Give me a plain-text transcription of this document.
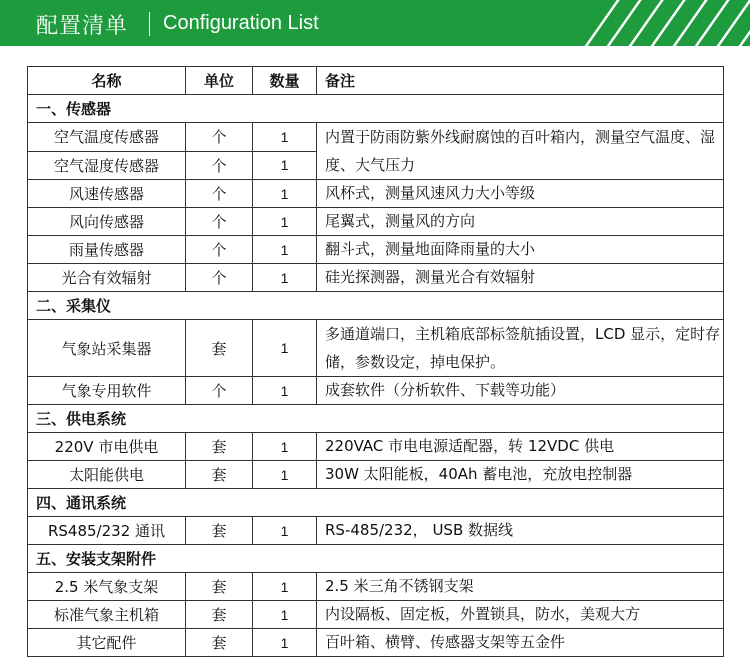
配置清单 Configuration List
名称	单位	数量	备注
一、传感器			
空气温度传感器	个	1	内置于防雨防紫外线耐腐蚀的百叶箱内，测量空气温度、湿度、大气压力
空气湿度传感器	个	1	
风速传感器	个	1	风杯式，测量风速风力大小等级
风向传感器	个	1	尾翼式，测量风的方向
雨量传感器	个	1	翻斗式，测量地面降雨量的大小
光合有效辐射	个	1	硅光探测器，测量光合有效辐射
二、采集仪			
气象站采集器	套	1	多通道端口，主机箱底部标签航插设置，LCD 显示，定时存储，参数设定，掉电保护。
气象专用软件	个	1	成套软件（分析软件、下载等功能）
三、供电系统			
220V 市电供电	套	1	220VAC 市电电源适配器，转 12VDC 供电
太阳能供电	套	1	30W 太阳能板，40Ah 蓄电池，充放电控制器
四、通讯系统			
RS485/232 通讯	套	1	RS-485/232， USB 数据线
五、安装支架附件			
2.5 米气象支架	套	1	2.5 米三角不锈钢支架
标准气象主机箱	套	1	内设隔板、固定板，外置锁具，防水，美观大方
其它配件	套	1	百叶箱、横臂、传感器支架等五金件
